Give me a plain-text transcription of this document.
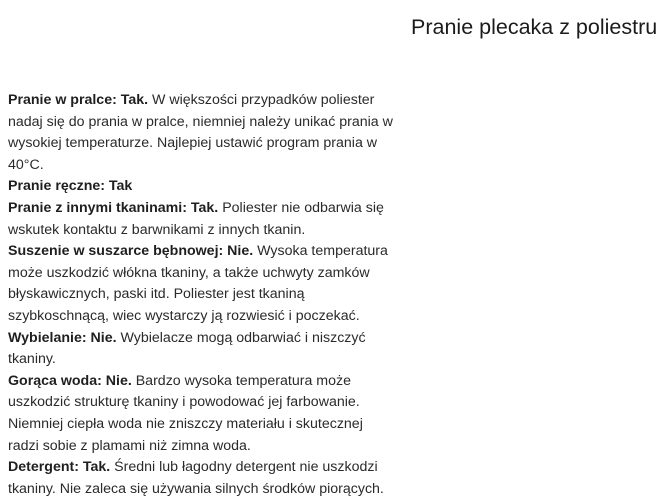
Pranie plecaka z poliestru
Pranie w pralce: Tak. W większości przypadków poliester
nadaj się do prania w pralce, niemniej należy unikać prania w
wysokiej temperaturze. Najlepiej ustawić program prania w
40°C.
Pranie ręczne: Tak
Pranie z innymi tkaninami: Tak. Poliester nie odbarwia się
wskutek kontaktu z barwnikami z innych tkanin.
Suszenie w suszarce bębnowej: Nie. Wysoka temperatura
może uszkodzić włókna tkaniny, a także uchwyty zamków
błyskawicznych, paski itd. Poliester jest tkaniną
szybkoschnącą, wiec wystarczy ją rozwiesić i poczekać.
Wybielanie: Nie. Wybielacze mogą odbarwiać i niszczyć
tkaniny.
Gorąca woda: Nie. Bardzo wysoka temperatura może
uszkodzić strukturę tkaniny i powodować jej farbowanie.
Niemniej ciepła woda nie zniszczy materiału i skutecznej
radzi sobie z plamami niż zimna woda.
Detergent: Tak. Średni lub łagodny detergent nie uszkodzi
tkaniny. Nie zaleca się używania silnych środków piorących.
